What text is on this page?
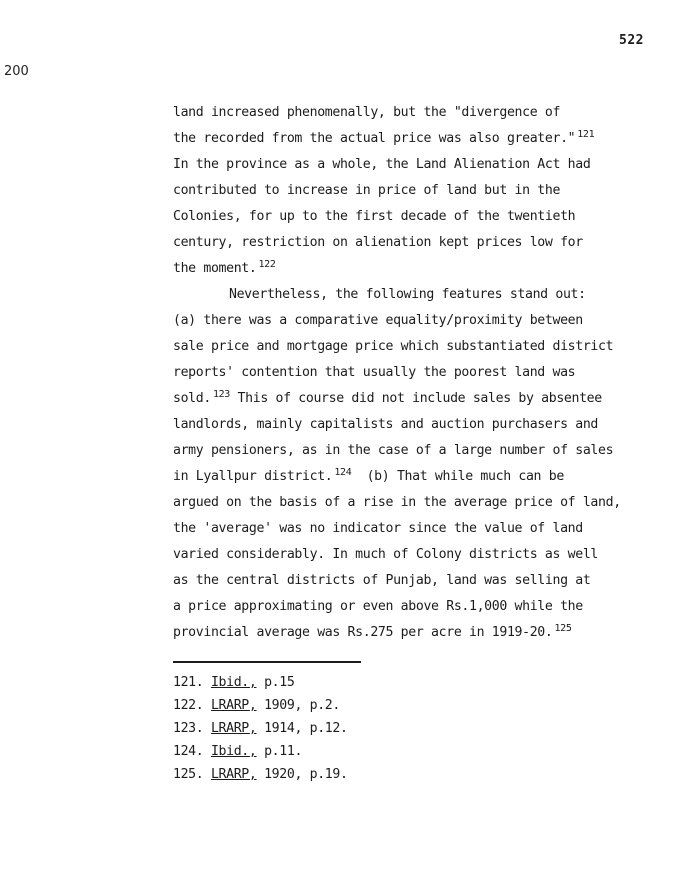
522
200
land increased phenomenally, but the "divergence of
the recorded from the actual price was also greater." $^{121}$
In the province as a whole, the Land Alienation Act had
contributed to increase in price of land but in the
Colonies, for up to the first decade of the twentieth
century, restriction on alienation kept prices low for
the moment. $^{122}$
Nevertheless, the following features stand out:
(a) there was a comparative equality/proximity between
sale price and mortgage price which substantiated district
reports' contention that usually the poorest land was
sold. $^{123}$ This of course did not include sales by absentee
landlords, mainly capitalists and auction purchasers and
army pensioners, as in the case of a large number of sales
in Lyallpur district. $^{124}$  (b) That while much can be
argued on the basis of a rise in the average price of land,
the 'average' was no indicator since the value of land
varied considerably. In much of Colony districts as well
as the central districts of Punjab, land was selling at
a price approximating or even above Rs.1,000 while the
provincial average was Rs.275 per acre in 1919-20. $^{125}$
121. Ibid., p.15
122. LRARP, 1909, p.2.
123. LRARP, 1914, p.12.
124. Ibid., p.11.
125. LRARP, 1920, p.19.
